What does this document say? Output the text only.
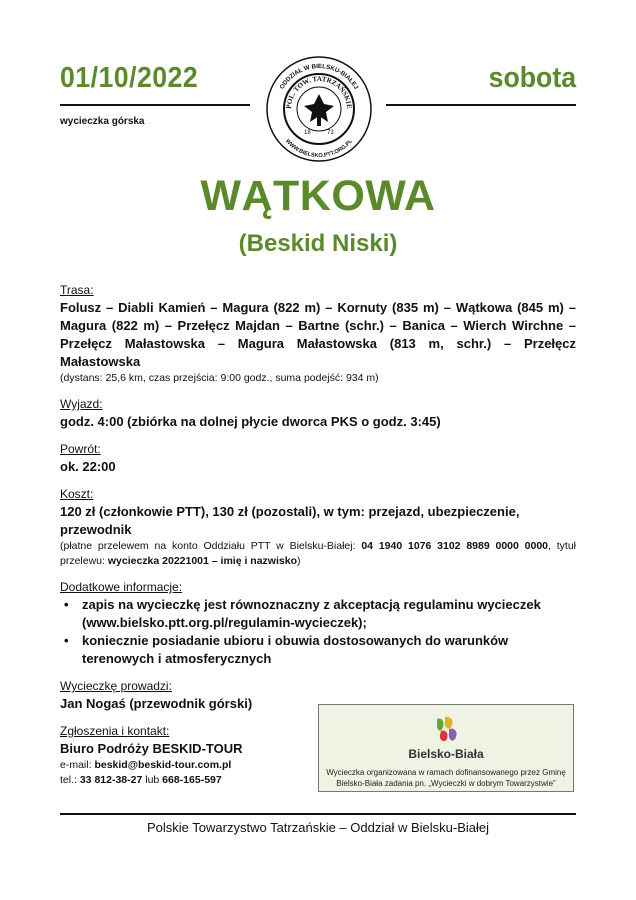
01/10/2022	sobota
wycieczka górska
ODDZIAŁ W BIELSKU-BIAŁEJ
WWW.BIELSKO.PTT.ORG.PL
POL. TOW. TATRZAŃSKIE
18	73
WĄTKOWA
(Beskid Niski)
Trasa:
Folusz – Diabli Kamień – Magura (822 m) – Kornuty (835 m) – Wątkowa (845 m) – Magura (822 m) – Przełęcz Majdan – Bartne (schr.) – Banica – Wierch Wirchne – Przełęcz Małastowska – Magura Małastowska (813 m, schr.) – Przełęcz Małastowska
(dystans: 25,6 km, czas przejścia: 9:00 godz., suma podejść: 934 m)
Wyjazd:
godz. 4:00 (zbiórka na dolnej płycie dworca PKS o godz. 3:45)
Powrót:
ok. 22:00
Koszt:
120 zł (członkowie PTT), 130 zł (pozostali), w tym: przejazd, ubezpieczenie, przewodnik
(płatne przelewem na konto Oddziału PTT w Bielsku-Białej: 04 1940 1076 3102 8989 0000 0000, tytuł przelewu: wycieczka 20221001 – imię i nazwisko)
Dodatkowe informacje:
• zapis na wycieczkę jest równoznaczny z akceptacją regulaminu wycieczek (www.bielsko.ptt.org.pl/regulamin-wycieczek);
• koniecznie posiadanie ubioru i obuwia dostosowanych do warunków terenowych i atmosferycznych
Wycieczkę prowadzi:
Jan Nogaś (przewodnik górski)
Zgłoszenia i kontakt:
Biuro Podróży BESKID-TOUR
e-mail: beskid@beskid-tour.com.pl
tel.: 33 812-38-27 lub 668-165-597
Bielsko-Biała
Wycieczka organizowana w ramach dofinansowanego przez Gminę Bielsko-Biała zadania pn. „Wycieczki w dobrym Towarzystwie”
Polskie Towarzystwo Tatrzańskie – Oddział w Bielsku-Białej
